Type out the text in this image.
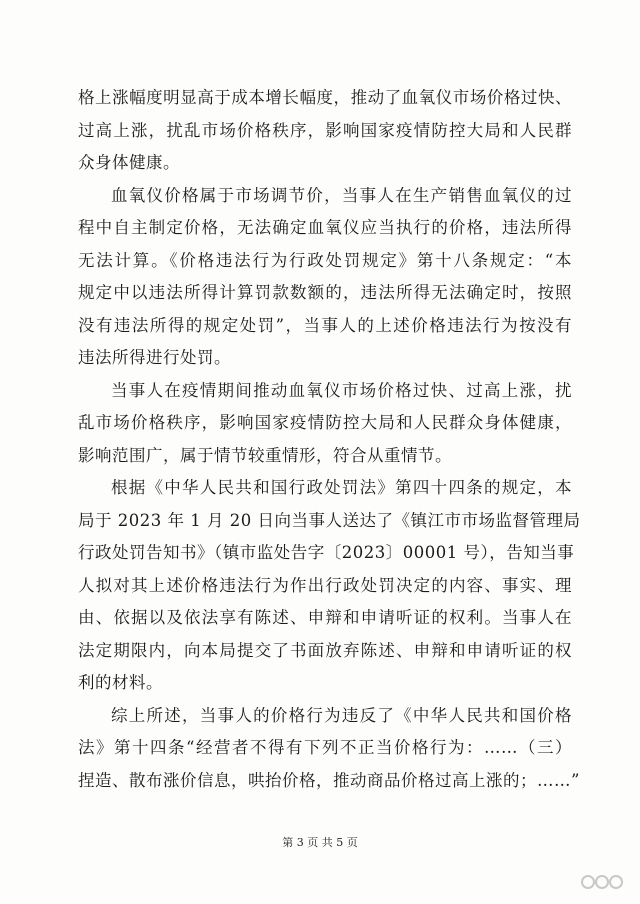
格上涨幅度明显高于成本增长幅度，推动了血氧仪市场价格过快、
过高上涨，扰乱市场价格秩序，影响国家疫情防控大局和人民群
众身体健康。
血氧仪价格属于市场调节价，当事人在生产销售血氧仪的过
程中自主制定价格，无法确定血氧仪应当执行的价格，违法所得
无法计算。《价格违法行为行政处罚规定》第十八条规定：“本
规定中以违法所得计算罚款数额的，违法所得无法确定时，按照
没有违法所得的规定处罚”，当事人的上述价格违法行为按没有
违法所得进行处罚。
当事人在疫情期间推动血氧仪市场价格过快、过高上涨，扰
乱市场价格秩序，影响国家疫情防控大局和人民群众身体健康，
影响范围广，属于情节较重情形，符合从重情节。
根据《中华人民共和国行政处罚法》第四十四条的规定，本
局于 2023 年 1 月 20 日向当事人送达了《镇江市市场监督管理局
行政处罚告知书》（镇市监处告字〔2023〕00001 号），告知当事
人拟对其上述价格违法行为作出行政处罚决定的内容、事实、理
由、依据以及依法享有陈述、申辩和申请听证的权利。当事人在
法定期限内，向本局提交了书面放弃陈述、申辩和申请听证的权
利的材料。
综上所述，当事人的价格行为违反了《中华人民共和国价格
法》第十四条“经营者不得有下列不正当价格行为：……（三）
捏造、散布涨价信息，哄抬价格，推动商品价格过高上涨的；……”
第 3 页 共 5 页
